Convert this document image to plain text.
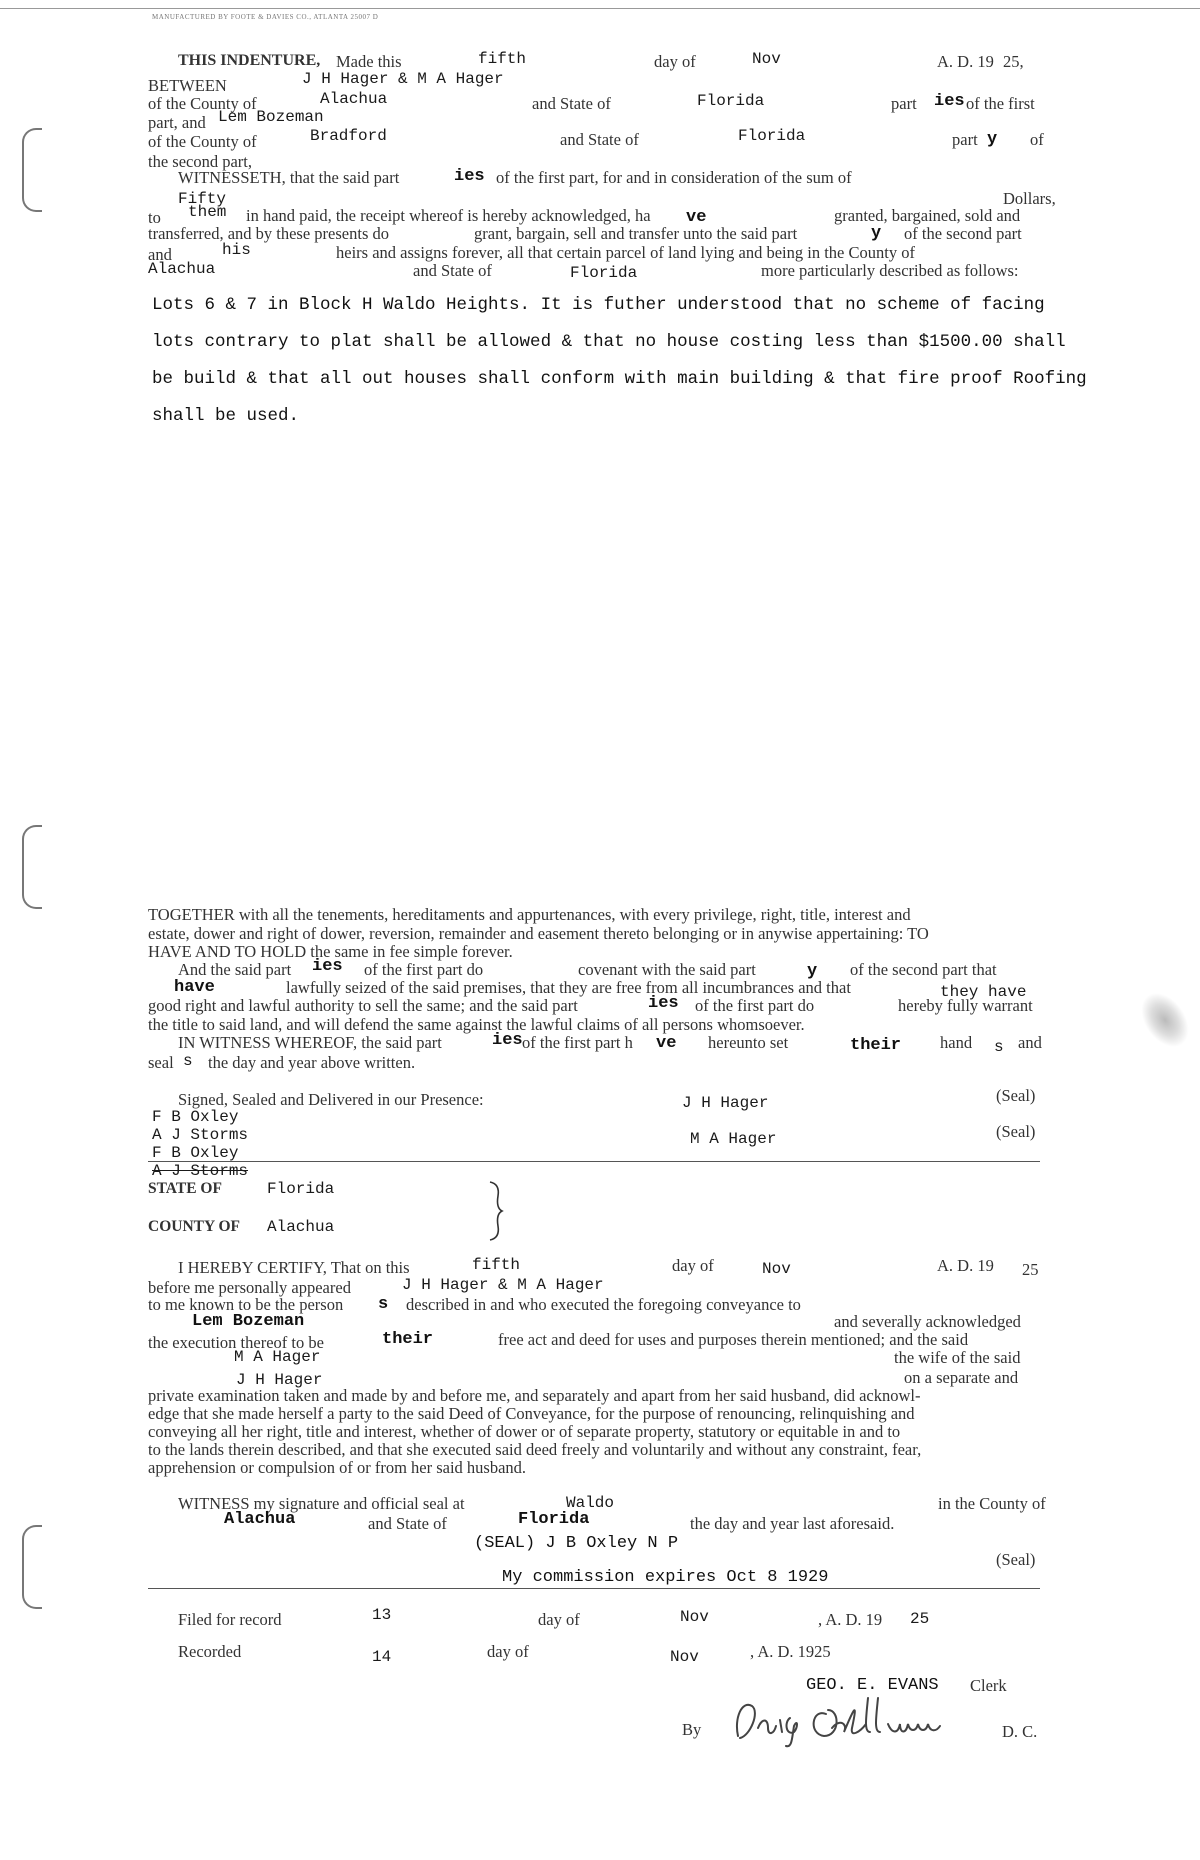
MANUFACTURED BY FOOTE & DAVIES CO., ATLANTA 25007 D
THIS INDENTURE, Made this	fifth	day of	Nov	A. D. 19 25,
BETWEEN	J H Hager & M A Hager
of the County of	Alachua	and State of	Florida	part ies of the first
part, and Lem Bozeman
of the County of	Bradford	and State of	Florida	part y of
the second part,
WITNESSETH, that the said part	ies of the first part, for and in consideration of the sum of
Fifty	Dollars,
to them in hand paid, the receipt whereof is hereby acknowledged, ha ve	granted, bargained, sold and
transferred, and by these presents do	grant, bargain, sell and transfer unto the said part	y of the second part
and	his	heirs and assigns forever, all that certain parcel of land lying and being in the County of
Alachua	and State of	Florida	more particularly described as follows:
Lots 6 & 7 in Block H Waldo Heights. It is futher understood that no scheme of facing
lots contrary to plat shall be allowed & that no house costing less than $1500.00 shall
be build & that all out houses shall conform with main building & that fire proof Roofing
shall be used.
TOGETHER with all the tenements, hereditaments and appurtenances, with every privilege, right, title, interest and
estate, dower and right of dower, reversion, remainder and easement thereto belonging or in anywise appertaining: TO
HAVE AND TO HOLD the same in fee simple forever.
And the said part ies of the first part do	covenant with the said part	y of the second part that
have	lawfully seized of the said premises, that they are free from all incumbrances and that	they have
good right and lawful authority to sell the same; and the said part	ies of the first part do	hereby fully warrant
the title to said land, and will defend the same against the lawful claims of all persons whomsoever.
IN WITNESS WHEREOF, the said part	ies of the first part h ve hereunto set	their hand s and
seal s the day and year above written.
Signed, Sealed and Delivered in our Presence:
F B Oxley
A J Storms
F B Oxley
A J Storms
J H Hager
M A Hager
(Seal)
(Seal)
STATE OF	Florida
COUNTY OF Alachua
I HEREBY CERTIFY, That on this	fifth	day of	Nov	A. D. 19 25
before me personally appeared	J H Hager & M A Hager
to me known to be the person s described in and who executed the foregoing conveyance to
Lem Bozeman	and severally acknowledged
the execution thereof to be	their	free act and deed for uses and purposes therein mentioned; and the said
M A Hager	the wife of the said
J H Hager	on a separate and
private examination taken and made by and before me, and separately and apart from her said husband, did acknowl-
edge that she made herself a party to the said Deed of Conveyance, for the purpose of renouncing, relinquishing and
conveying all her right, title and interest, whether of dower or of separate property, statutory or equitable in and to
to the lands therein described, and that she executed said deed freely and voluntarily and without any constraint, fear,
apprehension or compulsion of or from her said husband.
WITNESS my signature and official seal at	Waldo	in the County of
Alachua	and State of	Florida	the day and year last aforesaid.
(SEAL) J B Oxley N P
(Seal)
My commission expires Oct 8 1929
Filed for record	13	day of	Nov	, A. D. 19 25
Recorded	14	day of	Nov	, A. D. 1925
GEO. E. EVANS Clerk
By	D. C.
